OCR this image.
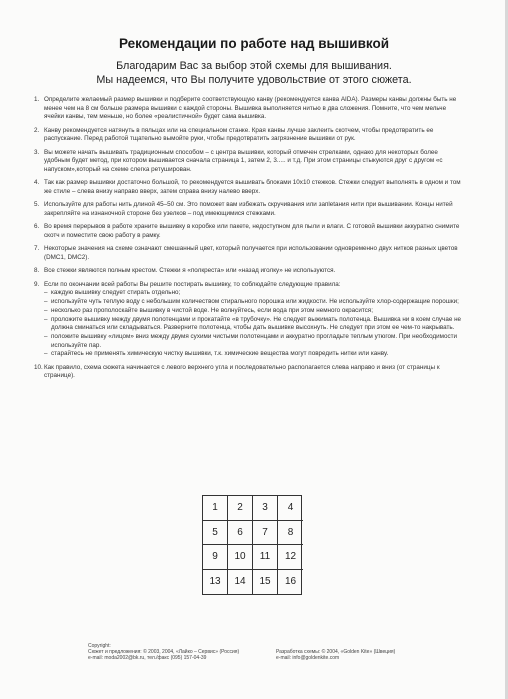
Рекомендации по работе над вышивкой
Благодарим Вас за выбор этой схемы для вышивания.
Мы надеемся, что Вы получите удовольствие от этого сюжета.
1. Определите желаемый размер вышивки и подберите соответствующую канву (рекомендуется канва AIDA). Размеры канвы должны быть не менее чем на 8 см больше размера вышивки с каждой стороны. Вышивка выполняется нитью в два сложения. Помните, что чем мельче ячейки канвы, тем меньше, но более «реалистичной» будет сама вышивка.
2. Канву рекомендуется натянуть в пяльцах или на специальном станке. Края канвы лучше заклеить скотчем, чтобы предотвратить ее распускание. Перед работой тщательно вымойте руки, чтобы предотвратить загрязнение вышивки от рук.
3. Вы можете начать вышивать традиционным способом – с центра вышивки, который отмечен стрелками, однако для некоторых более удобным будет метод, при котором вышивается сначала страница 1, затем 2, 3..... и т.д. При этом страницы стыкуются друг с другом «с напуском»,который на схеме слегка ретуширован.
4. Так как размер вышивки достаточно большой, то рекомендуется вышивать блоками 10х10 стежков. Стежки следует выполнять в одном и том же стиле – слева внизу направо вверх, затем справа внизу налево вверх.
5. Используйте для работы нить длиной 45–50 см. Это поможет вам избежать скручивания или запletания нити при вышивании. Концы нитей закрепляйте на изнаночной стороне без узелков – под имеющимися стежками.
6. Во время перерывов в работе храните вышивку в коробке или пакете, недоступном для пыли и влаги. С готовой вышивки аккуратно снимите скотч и поместите свою работу в рамку.
7. Некоторые значения на схеме означают смешанный цвет, который получается при использовании одновременно двух нитков разных цветов (DMC1, DMC2).
8. Все стежки являются полным крестом. Стежки я «полкреста» или «назад иголку» не используются.
9. Если по окончании всей работы Вы решите постирать вышивку, то соблюдайте следующие правила:
– каждую вышивку следует стирать отдельно;
– используйте чуть теплую воду с небольшим количеством стирального порошка или жидкости. Не используйте хлор-содержащие порошки;
– несколько раз прополоскайте вышивку в чистой воде. Не волнуйтесь, если вода при этом немного окрасится;
– проложите вышивку между двумя полотенцами и прокатайте «в трубочку». Не следует выжимать полотенца. Вышивка ни в коем случае не должна сминаться или складываться. Разверните полотенца, чтобы дать вышивке высохнуть. Не следует при этом ее чем-то накрывать.
– положите вышивку «лицом» вниз между двумя сухими чистыми полотенцами и аккуратно прогладьте теплым утюгом. При необходимости используйте пар.
– старайтесь не применять химическую чистку вышивки, т.к. химические вещества могут повредить нитки или канву.
10. Как правило, схема сюжета начинается с левого верхнего угла и последовательно располагается слева направо и вниз (от страницы к странице).
1	2	3	4
5	6	7	8
9	10	11	12
13	14	15	16
Copyright:
Сюжет и предложения: © 2003, 2004, «Лайко – Сервис» (Россия)
e-mail: moda2002@bk.ru, тел./факс (095) 157-04-39

Разработка схемы: © 2004, «Golden Kite» (Швеция)
e-mail: info@goldenkite.com
